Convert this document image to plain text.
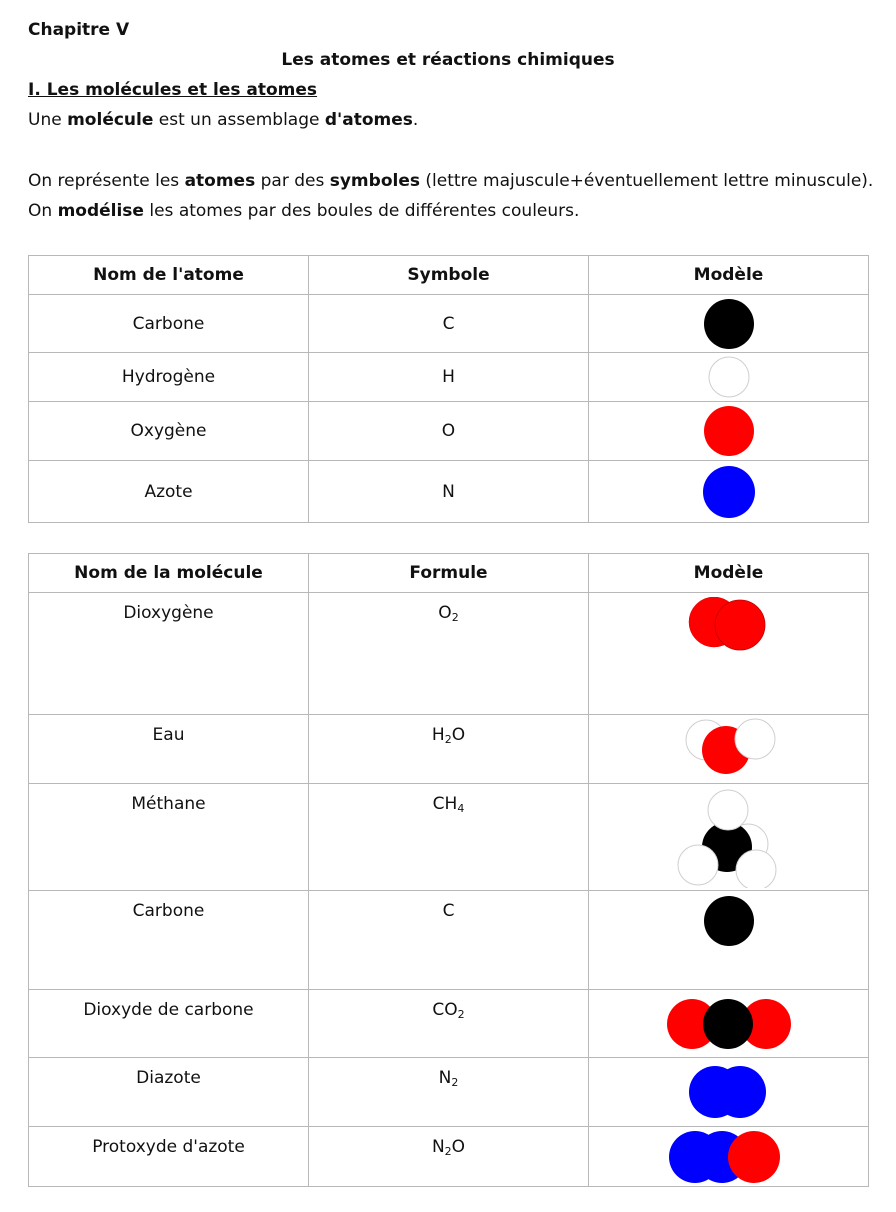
Chapitre V
Les atomes et réactions chimiques
I. Les molécules et les atomes
Une molécule est un assemblage d'atomes.
On représente les atomes par des symboles (lettre majuscule+éventuellement lettre minuscule).
On modélise les atomes par des boules de différentes couleurs.
Nom de l'atome	Symbole	Modèle
Carbone	C	

Hydrogène	H	

Oxygène	O	

Azote	N	
Nom de la molécule	Formule	Modèle
Dioxygène	$O_2$	

Eau	$H_2O$	

Méthane	$CH_4$	

Carbone	C	

Dioxyde de carbone	$CO_2$	

Diazote	$N_2$	

Protoxyde d'azote	$N_2O$	
